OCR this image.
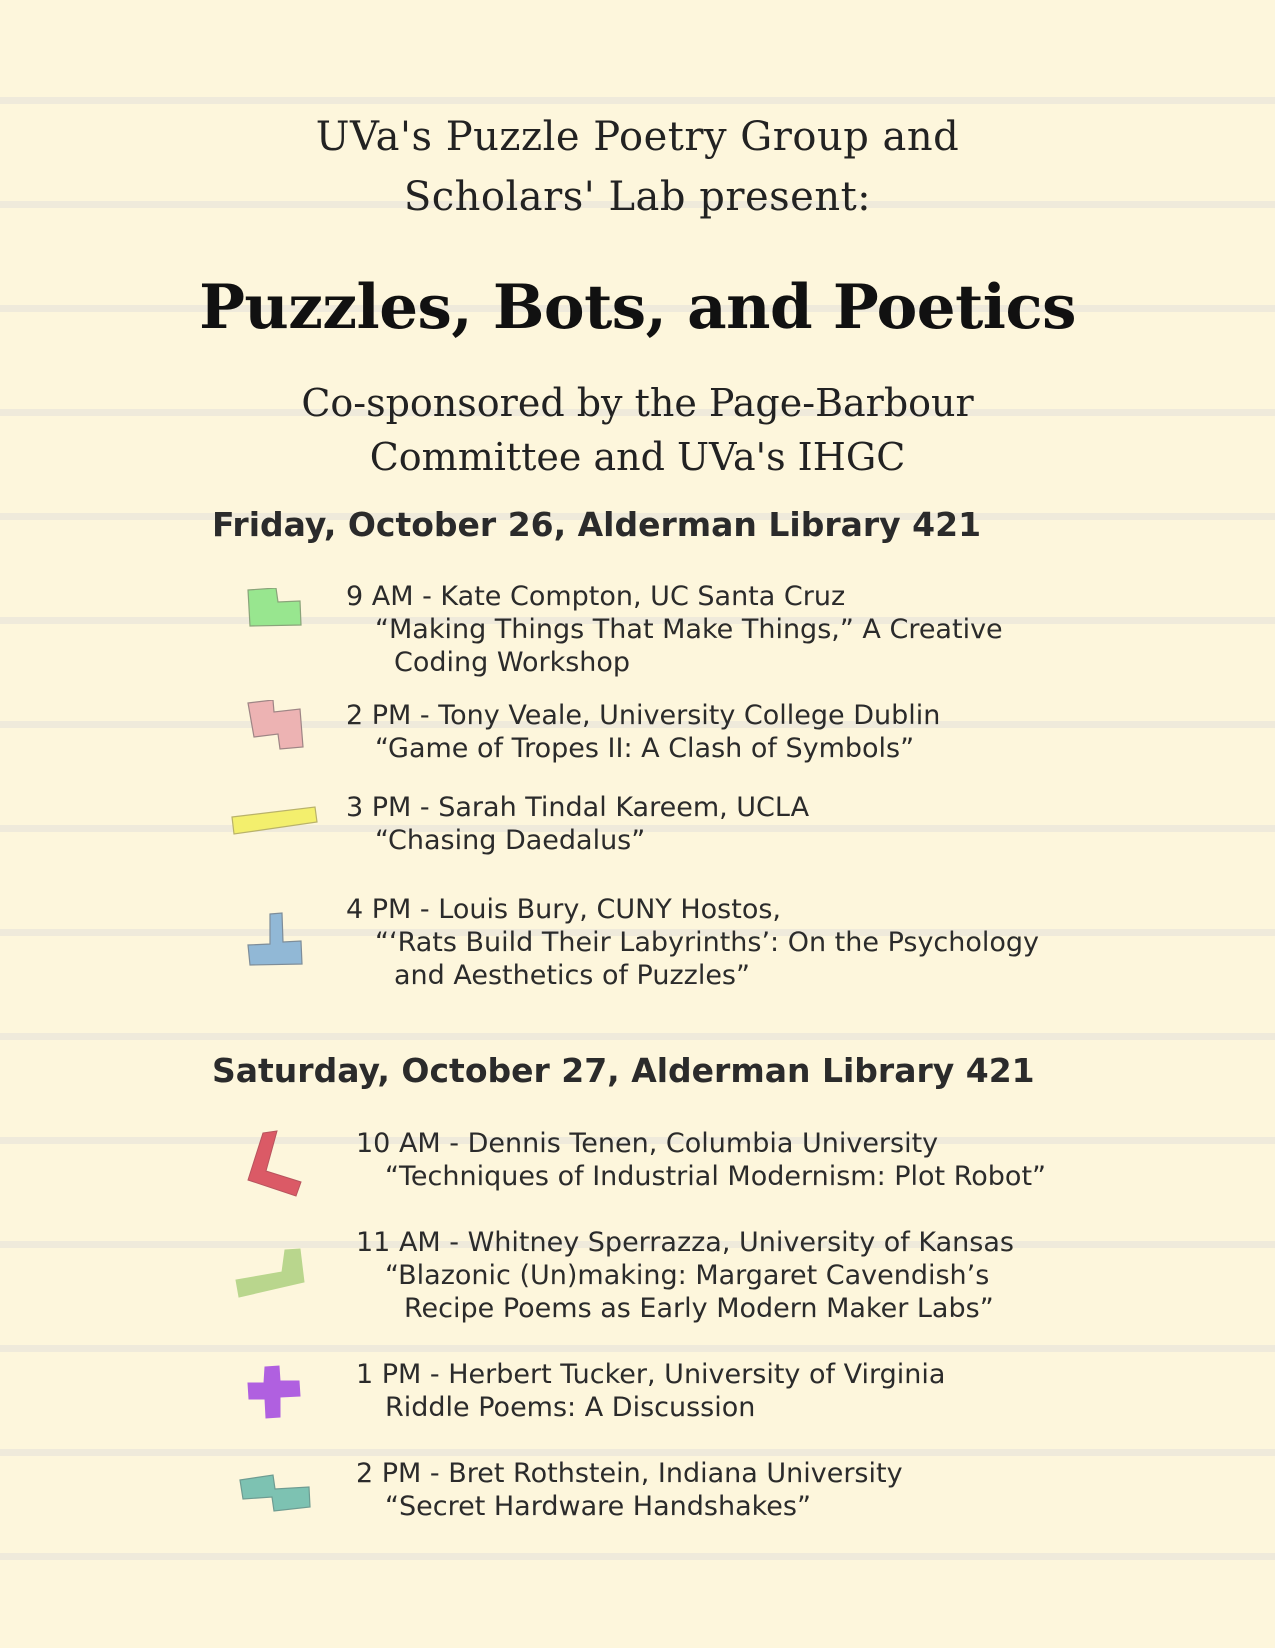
UVa's Puzzle Poetry Group and
Scholars' Lab present:
Puzzles, Bots, and Poetics
Co-sponsored by the Page-Barbour
Committee and UVa's IHGC
Friday, October 26, Alderman Library 421
9 AM - Kate Compton, UC Santa Cruz
“Making Things That Make Things,” A Creative
Coding Workshop
2 PM - Tony Veale, University College Dublin
“Game of Tropes II: A Clash of Symbols”
3 PM - Sarah Tindal Kareem, UCLA
“Chasing Daedalus”
4 PM - Louis Bury, CUNY Hostos,
“‘Rats Build Their Labyrinths’: On the Psychology
and Aesthetics of Puzzles”
Saturday, October 27, Alderman Library 421
10 AM - Dennis Tenen, Columbia University
“Techniques of Industrial Modernism: Plot Robot”
11 AM - Whitney Sperrazza, University of Kansas
“Blazonic (Un)making: Margaret Cavendish’s
Recipe Poems as Early Modern Maker Labs”
1 PM - Herbert Tucker, University of Virginia
Riddle Poems: A Discussion
2 PM - Bret Rothstein, Indiana University
“Secret Hardware Handshakes”
